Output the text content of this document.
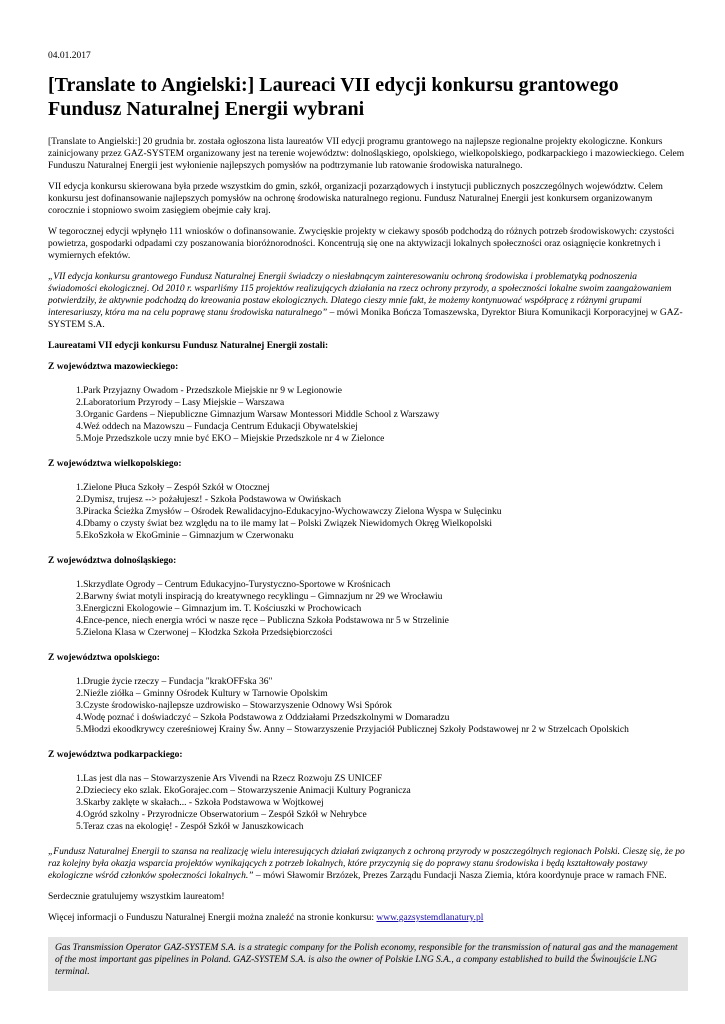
04.01.2017
[Translate to Angielski:] Laureaci VII edycji konkursu grantowego Fundusz Naturalnej Energii wybrani

[Translate to Angielski:] 20 grudnia br. została ogłoszona lista laureatów VII edycji programu grantowego na najlepsze regionalne projekty ekologiczne. Konkurs zainicjowany przez GAZ-SYSTEM organizowany jest na terenie województw: dolnośląskiego, opolskiego, wielkopolskiego, podkarpackiego i mazowieckiego. Celem Funduszu Naturalnej Energii jest wyłonienie najlepszych pomysłów na podtrzymanie lub ratowanie środowiska naturalnego.

VII edycja konkursu skierowana była przede wszystkim do gmin, szkół, organizacji pozarządowych i instytucji publicznych poszczególnych województw. Celem konkursu jest dofinansowanie najlepszych pomysłów na ochronę środowiska naturalnego regionu. Fundusz Naturalnej Energii jest konkursem organizowanym corocznie i stopniowo swoim zasięgiem obejmie cały kraj.

W tegorocznej edycji wpłynęło 111 wniosków o dofinansowanie. Zwycięskie projekty w ciekawy sposób podchodzą do różnych potrzeb środowiskowych: czystości powietrza, gospodarki odpadami czy poszanowania bioróżnorodności. Koncentrują się one na aktywizacji lokalnych społeczności oraz osiągnięcie konkretnych i wymiernych efektów.

„VII edycja konkursu grantowego Fundusz Naturalnej Energii świadczy o niesłabnącym zainteresowaniu ochroną środowiska i problematyką podnoszenia świadomości ekologicznej. Od 2010 r. wsparliśmy 115 projektów realizujących działania na rzecz ochrony przyrody, a społeczności lokalne swoim zaangażowaniem potwierdziły, że aktywnie podchodzą do kreowania postaw ekologicznych. Dlatego cieszy mnie fakt, że możemy kontynuować współpracę z różnymi grupami interesariuszy, która ma na celu poprawę stanu środowiska naturalnego” – mówi Monika Bończa Tomaszewska, Dyrektor Biura Komunikacji Korporacyjnej w GAZ-SYSTEM S.A.

Laureatami VII edycji konkursu Fundusz Naturalnej Energii zostali:

Z województwa mazowieckiego:

1.Park Przyjazny Owadom - Przedszkole Miejskie nr 9 w Legionowie
2.Laboratorium Przyrody – Lasy Miejskie – Warszawa
3.Organic Gardens – Niepubliczne Gimnazjum Warsaw Montessori Middle School z Warszawy
4.Weź oddech na Mazowszu – Fundacja Centrum Edukacji Obywatelskiej
5.Moje Przedszkole uczy mnie być EKO – Miejskie Przedszkole nr 4 w Zielonce

Z województwa wielkopolskiego:

1.Zielone Płuca Szkoły – Zespół Szkół w Otocznej
2.Dymisz, trujesz --> pożałujesz! - Szkoła Podstawowa w Owińskach
3.Piracka Ścieżka Zmysłów – Ośrodek Rewalidacyjno-Edukacyjno-Wychowawczy Zielona Wyspa w Sulęcinku
4.Dbamy o czysty świat bez względu na to ile mamy lat – Polski Związek Niewidomych Okręg Wielkopolski
5.EkoSzkoła w EkoGminie – Gimnazjum w Czerwonaku

Z województwa dolnośląskiego:

1.Skrzydlate Ogrody – Centrum Edukacyjno-Turystyczno-Sportowe w Krośnicach
2.Barwny świat motyli inspiracją do kreatywnego recyklingu – Gimnazjum nr 29 we Wrocławiu
3.Energiczni Ekologowie – Gimnazjum im. T. Kościuszki w Prochowicach
4.Ence-pence, niech energia wróci w nasze ręce – Publiczna Szkoła Podstawowa nr 5 w Strzelinie
5.Zielona Klasa w Czerwonej – Kłodzka Szkoła Przedsiębiorczości

Z województwa opolskiego:

1.Drugie życie rzeczy – Fundacja "krakOFFska 36"
2.Nieźle ziółka – Gminny Ośrodek Kultury w Tarnowie Opolskim
3.Czyste środowisko-najlepsze uzdrowisko – Stowarzyszenie Odnowy Wsi Spórok
4.Wodę poznać i doświadczyć – Szkoła Podstawowa z Oddziałami Przedszkolnymi w Domaradzu
5.Młodzi ekoodkrywcy czereśniowej Krainy Św. Anny – Stowarzyszenie Przyjaciół Publicznej Szkoły Podstawowej nr 2 w Strzelcach Opolskich

Z województwa podkarpackiego:

1.Las jest dla nas – Stowarzyszenie Ars Vivendi na Rzecz Rozwoju ZS UNICEF
2.Dzieciecy eko szlak. EkoGorajec.com – Stowarzyszenie Animacji Kultury Pogranicza
3.Skarby zaklęte w skałach... - Szkoła Podstawowa w Wojtkowej
4.Ogród szkolny - Przyrodnicze Obserwatorium – Zespół Szkół w Nehrybce
5.Teraz czas na ekologię! - Zespół Szkół w Januszkowicach

„Fundusz Naturalnej Energii to szansa na realizację wielu interesujących działań związanych z ochroną przyrody w poszczególnych regionach Polski. Cieszę się, że po raz kolejny była okazja wsparcia projektów wynikających z potrzeb lokalnych, które przyczynią się do poprawy stanu środowiska i będą kształtowały postawy ekologiczne wśród członków społeczności lokalnych.” – mówi Sławomir Brzózek, Prezes Zarządu Fundacji Nasza Ziemia, która koordynuje prace w ramach FNE.

Serdecznie gratulujemy wszystkim laureatom!

Więcej informacji o Funduszu Naturalnej Energii można znaleźć na stronie konkursu: www.gazsystemdlanatury.pl

Gas Transmission Operator GAZ-SYSTEM S.A. is a strategic company for the Polish economy, responsible for the transmission of natural gas and the management of the most important gas pipelines in Poland. GAZ-SYSTEM S.A. is also the owner of Polskie LNG S.A., a company established to build the Świnoujście LNG terminal.
